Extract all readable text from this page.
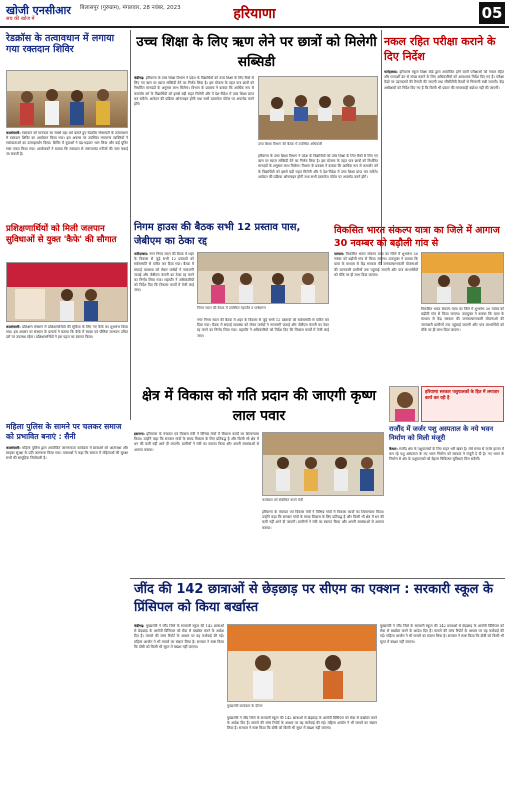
खोजी एनसीआर
सच की खोज में
बिलासपुर (गुरुग्राम), मंगलवार, 28 नवंबर, 2023	हरियाणा	05
रेडक्रॉस के तत्वावधान में लगाया गया रक्तदान शिविर
कालांवाली: रक्तदान को मानवता का सबसे बड़ा धर्म बताते हुए रेडक्रॉस सोसायटी के तत्वावधान में रक्तदान शिविर का आयोजन किया गया। इस अवसर पर उपस्थित गणमान्य व्यक्तियों ने रक्तदाताओं का उत्साहवर्धन किया। शिविर में युवाओं ने बढ़-चढ़कर भाग लिया और कई यूनिट रक्त एकत्र किया गया। आयोजकों ने बताया कि रक्तदान से जरूरतमंद मरीजों की जान बचाई जा सकती है।
उच्च शिक्षा के लिए ऋण लेने पर छात्रों को मिलेगी सब्सिडी
चंडीगढ़: हरियाणा के उच्च शिक्षा विभाग ने प्रदेश के विद्यार्थियों को उच्च शिक्षा के लिए बैंकों से लिए गए ऋण पर ब्याज सब्सिडी देने का निर्णय लिया है। इस योजना के तहत पात्र छात्रों को निर्धारित मानदंडों के अनुसार लाभ मिलेगा। विभाग के प्रवक्ता ने बताया कि आर्थिक रूप से कमजोर वर्ग के विद्यार्थियों को इससे बड़ी राहत मिलेगी और वे देश-विदेश में उच्च शिक्षा प्राप्त कर सकेंगे। आवेदन की प्रक्रिया ऑनलाइन होगी तथा सभी दस्तावेज पोर्टल पर अपलोड करने होंगे।
उच्च शिक्षा विभाग की बैठक में उपस्थित अधिकारी
हरियाणा के उच्च शिक्षा विभाग ने प्रदेश के विद्यार्थियों को उच्च शिक्षा के लिए बैंकों से लिए गए ऋण पर ब्याज सब्सिडी देने का निर्णय लिया है। इस योजना के तहत पात्र छात्रों को निर्धारित मानदंडों के अनुसार लाभ मिलेगा। विभाग के प्रवक्ता ने बताया कि आर्थिक रूप से कमजोर वर्ग के विद्यार्थियों को इससे बड़ी राहत मिलेगी और वे देश-विदेश में उच्च शिक्षा प्राप्त कर सकेंगे। आवेदन की प्रक्रिया ऑनलाइन होगी तथा सभी दस्तावेज पोर्टल पर अपलोड करने होंगे।
नकल रहित परीक्षा कराने के दिए निर्देश
फतेहाबाद: हरियाणा स्कूल शिक्षा बोर्ड द्वारा आयोजित होने वाली परीक्षाओं को नकल रहित और पारदर्शी ढंग से संपन्न कराने के लिए अधिकारियों को आवश्यक निर्देश दिए गए हैं। परीक्षा केंद्रों पर उड़नदस्तों की तैनाती की जाएगी तथा सीसीटीवी कैमरों से निगरानी रखी जाएगी। केंद्र अधीक्षकों को निर्देश दिए गए हैं कि किसी भी प्रकार की लापरवाही बर्दाश्त नहीं की जाएगी।
प्रशिक्षणार्थियों को मिली जलपान सुविधाओं से युक्त 'कैफे' की सौगात
कालांवाली: प्रशिक्षण संस्थान में प्रशिक्षणार्थियों की सुविधा के लिए नए कैफे का शुभारंभ किया गया। इस अवसर पर संस्थान के प्राचार्य ने बताया कि कैफे में स्वच्छ एवं पौष्टिक जलपान उचित दरों पर उपलब्ध रहेगा। प्रशिक्षणार्थियों ने इस पहल का स्वागत किया।
निगम हाउस की बैठक सभी 12 प्रस्ताव पास, जेबीएम का ठेका रद्द
फरीदाबाद: नगर निगम सदन की बैठक में शहर के विकास से जुड़े सभी 12 प्रस्तावों को सर्वसम्मति से पारित कर दिया गया। बैठक में सफाई व्यवस्था को लेकर पार्षदों ने नाराजगी जताई और जेबीएम कंपनी का ठेका रद्द करने का निर्णय लिया गया। महापौर ने अधिकारियों को निर्देश दिए कि विकास कार्यों में तेजी लाई जाए।
निगम सदन की बैठक में उपस्थित महापौर व पार्षदगण
नगर निगम सदन की बैठक में शहर के विकास से जुड़े सभी 12 प्रस्तावों को सर्वसम्मति से पारित कर दिया गया। बैठक में सफाई व्यवस्था को लेकर पार्षदों ने नाराजगी जताई और जेबीएम कंपनी का ठेका रद्द करने का निर्णय लिया गया। महापौर ने अधिकारियों को निर्देश दिए कि विकास कार्यों में तेजी लाई जाए।
विकसित भारत संकल्प यात्रा का जिले में आगाज 30 नवम्बर को बढ़ौली गांव से
पलवल: विकसित भारत संकल्प यात्रा का जिले में शुभारंभ 30 नवंबर को बढ़ौली गांव से किया जाएगा। उपायुक्त ने बताया कि यात्रा के माध्यम से केंद्र सरकार की जनकल्याणकारी योजनाओं की जानकारी ग्रामीणों तक पहुंचाई जाएगी और पात्र लाभार्थियों को मौके पर ही लाभ दिया जाएगा।
विकसित भारत संकल्प यात्रा का जिले में शुभारंभ 30 नवंबर को बढ़ौली गांव से किया जाएगा। उपायुक्त ने बताया कि यात्रा के माध्यम से केंद्र सरकार की जनकल्याणकारी योजनाओं की जानकारी ग्रामीणों तक पहुंचाई जाएगी और पात्र लाभार्थियों को मौके पर ही लाभ दिया जाएगा।
क्षेत्र में विकास को गति प्रदान की जाएगी कृष्ण लाल पवार
इसराना: हरियाणा के पंचायत एवं विकास मंत्री ने विभिन्न गांवों में विकास कार्यों का शिलान्यास किया। उन्होंने कहा कि सरकार गांवों के समग्र विकास के लिए प्रतिबद्ध है और किसी भी क्षेत्र में धन की कमी नहीं आने दी जाएगी। ग्रामीणों ने मंत्री का स्वागत किया और अपनी समस्याओं से अवगत कराया।
कार्यक्रम को संबोधित करते मंत्री
हरियाणा के पंचायत एवं विकास मंत्री ने विभिन्न गांवों में विकास कार्यों का शिलान्यास किया। उन्होंने कहा कि सरकार गांवों के समग्र विकास के लिए प्रतिबद्ध है और किसी भी क्षेत्र में धन की कमी नहीं आने दी जाएगी। ग्रामीणों ने मंत्री का स्वागत किया और अपनी समस्याओं से अवगत कराया।
हरियाणा सरकार पशुपालकों के हित में लगातार कार्य कर रही है
राजौंद में जर्जर पशु अस्पताल के नये भवन निर्माण को मिली मंजूरी
कैथल: राजौंद क्षेत्र के पशुपालकों के लिए राहत भरी खबर है। लंबे समय से जर्जर हालत में चल रहे पशु अस्पताल के नए भवन निर्माण को सरकार ने मंजूरी दे दी है। नए भवन के निर्माण से क्षेत्र के पशुपालकों को बेहतर चिकित्सा सुविधाएं मिल सकेंगी।
महिला पुलिस के सामने पर चलकर समाज को प्रभावित बनाएं : सैनी
कालांवाली: महिला पुलिस द्वारा आयोजित जागरूकता कार्यक्रम में छात्राओं को आत्मरक्षा और साइबर सुरक्षा के प्रति जागरूक किया गया। वक्ताओं ने कहा कि समाज में महिलाओं की सुरक्षा सभी की सामूहिक जिम्मेदारी है।
जींद की 142 छात्राओं से छेड़छाड़ पर सीएम का एक्शन : सरकारी स्कूल के प्रिंसिपल को किया बर्खास्त
चंडीगढ़: मुख्यमंत्री ने जींद जिले के सरकारी स्कूल की 142 छात्राओं से छेड़छाड़ के आरोपी प्रिंसिपल को सेवा से बर्खास्त करने के आदेश दिए हैं। मामले की जांच रिपोर्ट के आधार पर यह कार्रवाई की गई। महिला आयोग ने भी मामले का संज्ञान लिया है। सरकार ने स्पष्ट किया कि दोषी को किसी भी सूरत में बख्शा नहीं जाएगा।
मुख्यमंत्री कार्यक्रम के दौरान
मुख्यमंत्री ने जींद जिले के सरकारी स्कूल की 142 छात्राओं से छेड़छाड़ के आरोपी प्रिंसिपल को सेवा से बर्खास्त करने के आदेश दिए हैं। मामले की जांच रिपोर्ट के आधार पर यह कार्रवाई की गई। महिला आयोग ने भी मामले का संज्ञान लिया है। सरकार ने स्पष्ट किया कि दोषी को किसी भी सूरत में बख्शा नहीं जाएगा।
मुख्यमंत्री ने जींद जिले के सरकारी स्कूल की 142 छात्राओं से छेड़छाड़ के आरोपी प्रिंसिपल को सेवा से बर्खास्त करने के आदेश दिए हैं। मामले की जांच रिपोर्ट के आधार पर यह कार्रवाई की गई। महिला आयोग ने भी मामले का संज्ञान लिया है। सरकार ने स्पष्ट किया कि दोषी को किसी भी सूरत में बख्शा नहीं जाएगा।
